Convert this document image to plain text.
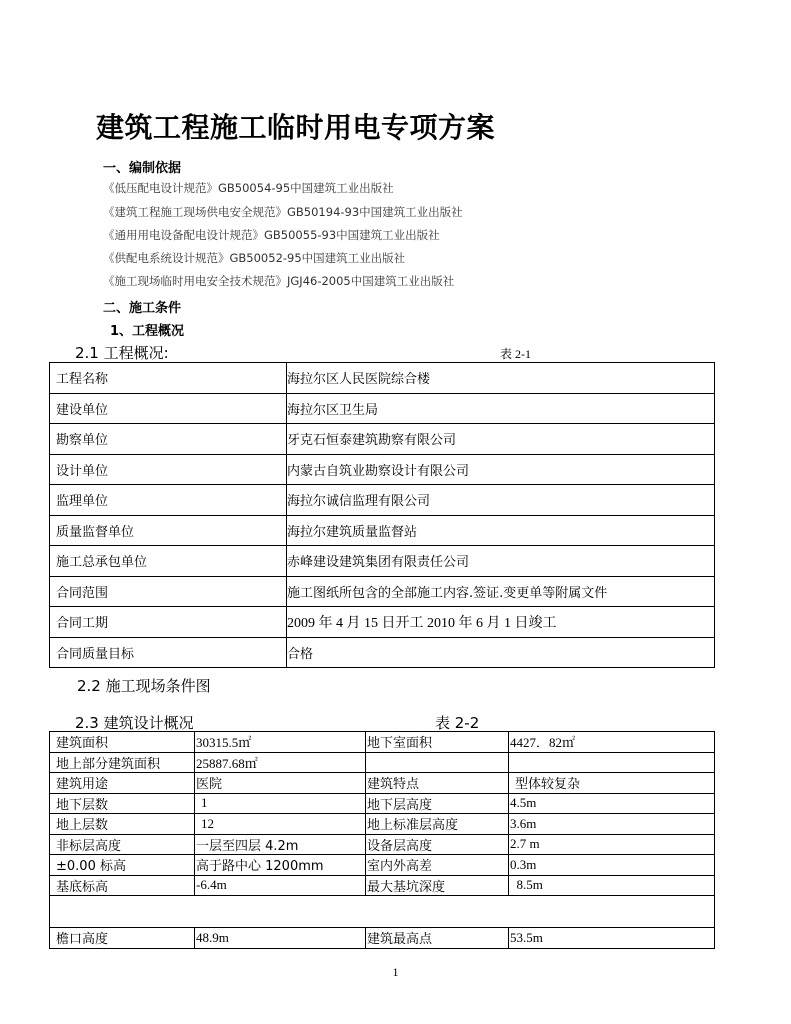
建筑工程施工临时用电专项方案
一、编制依据
《低压配电设计规范》GB50054-95中国建筑工业出版社
《建筑工程施工现场供电安全规范》GB50194-93中国建筑工业出版社
《通用用电设备配电设计规范》GB50055-93中国建筑工业出版社
《供配电系统设计规范》GB50052-95中国建筑工业出版社
《施工现场临时用电安全技术规范》JGJ46-2005中国建筑工业出版社
二、施工条件
1、工程概况
2.1 工程概况:	表 2-1
工程名称	海拉尔区人民医院综合楼
建设单位	海拉尔区卫生局
勘察单位	牙克石恒泰建筑勘察有限公司
设计单位	内蒙古自筑业勘察设计有限公司
监理单位	海拉尔诚信监理有限公司
质量监督单位	海拉尔建筑质量监督站
施工总承包单位	赤峰建设建筑集团有限责任公司
合同范围	施工图纸所包含的全部施工内容.签证.变更单等附属文件
合同工期	2009 年 4 月 15 日开工 2010 年 6 月 1 日竣工
合同质量目标	合格
2.2 施工现场条件图
2.3 建筑设计概况	表 2-2
建筑面积	30315.5㎡	地下室面积	4427．82㎡
地上部分建筑面积	25887.68㎡		
建筑用途	医院	建筑特点	型体较复杂
地下层数	1	地下层高度	4.5m
地上层数	12	地上标准层高度	3.6m
非标层高度	一层至四层 4.2m	设备层高度	2.7 m
±0.00 标高	高于路中心 1200mm	室内外高差	0.3m
基底标高	-6.4m	最大基坑深度	8.5m

檐口高度	48.9m	建筑最高点	53.5m
1
